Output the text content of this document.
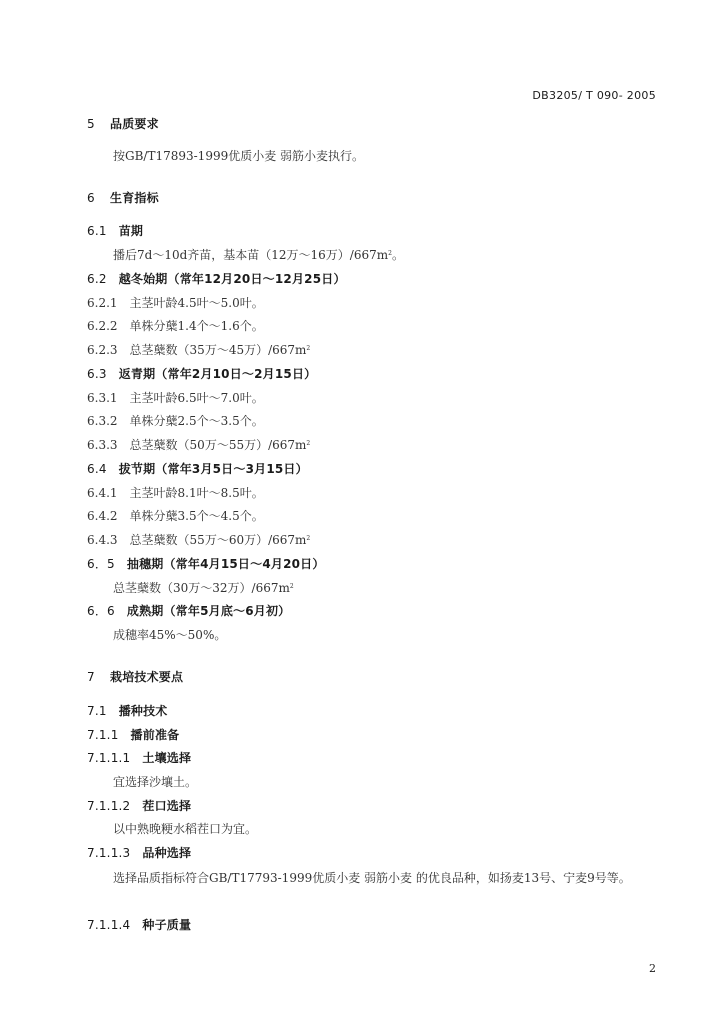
DB3205/ T 090- 2005
5 品质要求
按GB/T17893-1999优质小麦 弱筋小麦执行。
6 生育指标
6.1 苗期
播后7d～10d齐苗，基本苗（12万～16万）$/667m^2$。
6.2 越冬始期（常年12月20日～12月25日）
6.2.1 主茎叶龄4.5叶～5.0叶。
6.2.2 单株分蘖1.4个～1.6个。
6.2.3 总茎蘖数（35万～45万）$/667m^2$
6.3 返青期（常年2月10日～2月15日）
6.3.1 主茎叶龄6.5叶～7.0叶。
6.3.2 单株分蘖2.5个～3.5个。
6.3.3 总茎蘖数（50万～55万）$/667m^2$
6.4 拔节期（常年3月5日～3月15日）
6.4.1 主茎叶龄8.1叶～8.5叶。
6.4.2 单株分蘖3.5个～4.5个。
6.4.3 总茎蘖数（55万～60万）$/667m^2$
6．5 抽穗期（常年4月15日～4月20日）
总茎蘖数（30万～32万）$/667m^2$
6．6 成熟期（常年5月底～6月初）
成穗率45%～50%。
7 栽培技术要点
7.1 播种技术
7.1.1 播前准备
7.1.1.1 土壤选择
宜选择沙壤土。
7.1.1.2 茬口选择
以中熟晚粳水稻茬口为宜。
7.1.1.3 品种选择
选择品质指标符合GB/T17793-1999优质小麦 弱筋小麦 的优良品种，如扬麦13号、宁麦9号等。
7.1.1.4 种子质量
2
